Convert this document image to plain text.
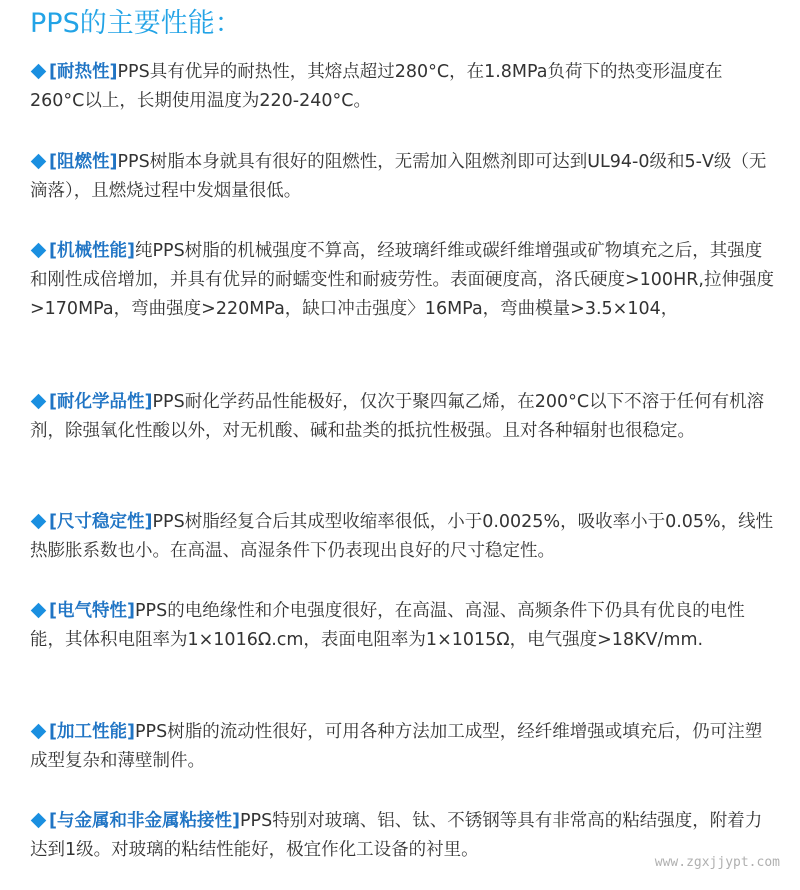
PPS的主要性能：
[耐热性]PPS具有优异的耐热性，其熔点超过280°C，在1.8MPa负荷下的热变形温度在260°C以上，长期使用温度为220-240°C。
[阻燃性]PPS树脂本身就具有很好的阻燃性，无需加入阻燃剂即可达到UL94-0级和5-V级（无滴落），且燃烧过程中发烟量很低。
[机械性能]纯PPS树脂的机械强度不算高，经玻璃纤维或碳纤维增强或矿物填充之后，其强度和刚性成倍增加，并具有优异的耐蠕变性和耐疲劳性。表面硬度高，洛氏硬度>100HR,拉伸强度>170MPa，弯曲强度>220MPa，缺口冲击强度〉16MPa，弯曲模量>3.5×104，
[耐化学品性]PPS耐化学药品性能极好，仅次于聚四氟乙烯，在200°C以下不溶于任何有机溶剂，除强氧化性酸以外，对无机酸、碱和盐类的抵抗性极强。且对各种辐射也很稳定。
[尺寸稳定性]PPS树脂经复合后其成型收缩率很低，小于0.0025%，吸收率小于0.05%，线性热膨胀系数也小。在高温、高湿条件下仍表现出良好的尺寸稳定性。
[电气特性]PPS的电绝缘性和介电强度很好，在高温、高湿、高频条件下仍具有优良的电性能，其体积电阻率为1×1016Ω.cm，表面电阻率为1×1015Ω，电气强度>18KV/mm.
[加工性能]PPS树脂的流动性很好，可用各种方法加工成型，经纤维增强或填充后，仍可注塑成型复杂和薄壁制件。
[与金属和非金属粘接性]PPS特别对玻璃、铝、钛、不锈钢等具有非常高的粘结强度，附着力达到1级。对玻璃的粘结性能好，极宜作化工设备的衬里。
www.zgxjjypt.com
